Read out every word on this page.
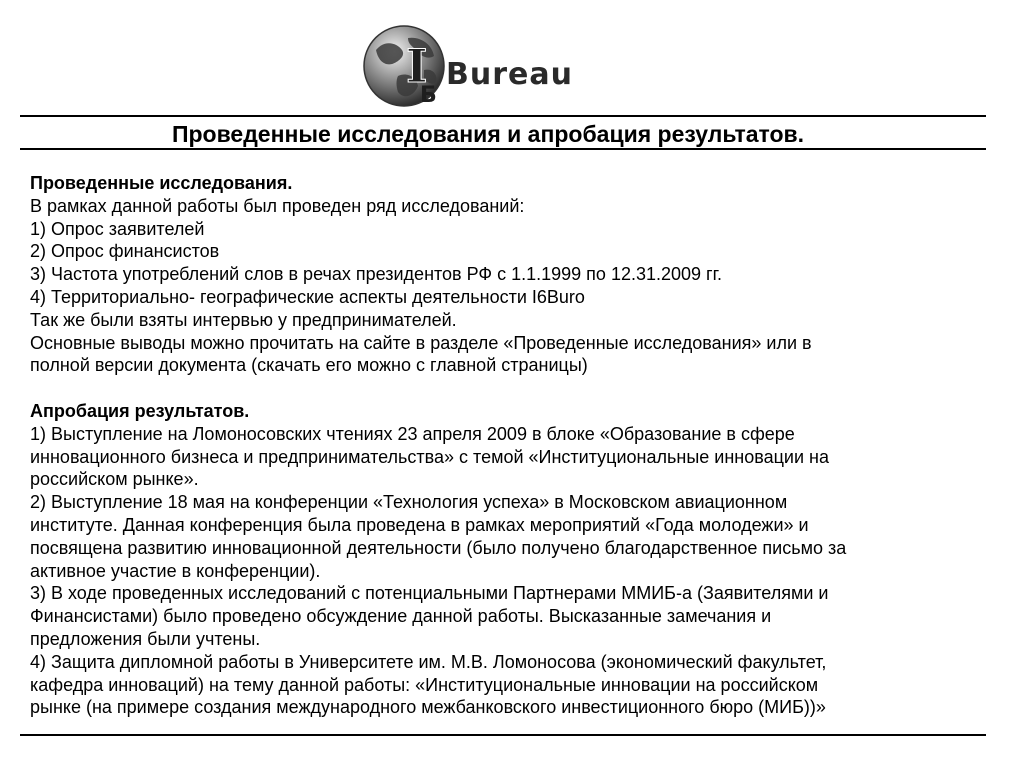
I
Б
Bureau
Проведенные исследования и апробация результатов.
Проведенные исследования.
В рамках данной работы был проведен ряд исследований:
1) Опрос заявителей
2) Опрос финансистов
3) Частота употреблений слов в речах президентов РФ с 1.1.1999 по 12.31.2009 гг.
4) Территориально- географические аспекты деятельности I6Buro
Так же были взяты интервью у предпринимателей.
Основные выводы можно прочитать на сайте в разделе «Проведенные исследования» или в
полной версии документа (скачать его можно с главной страницы)
Апробация результатов.
1) Выступление на Ломоносовских чтениях 23 апреля 2009 в блоке «Образование в сфере
инновационного бизнеса и предпринимательства» с темой «Институциональные инновации на
российском рынке».
2) Выступление 18 мая на конференции «Технология успеха» в Московском авиационном
институте. Данная конференция была проведена в рамках мероприятий «Года молодежи» и
посвящена развитию инновационной деятельности (было получено благодарственное письмо за
активное участие в конференции).
3) В ходе проведенных исследований с потенциальными Партнерами ММИБ-а (Заявителями и
Финансистами) было проведено обсуждение данной работы. Высказанные замечания и
предложения были учтены.
4) Защита дипломной работы в Университете им. М.В. Ломоносова (экономический факультет,
кафедра инноваций) на тему данной работы: «Институциональные инновации на российском
рынке (на примере создания международного межбанковского инвестиционного бюро (МИБ))»
